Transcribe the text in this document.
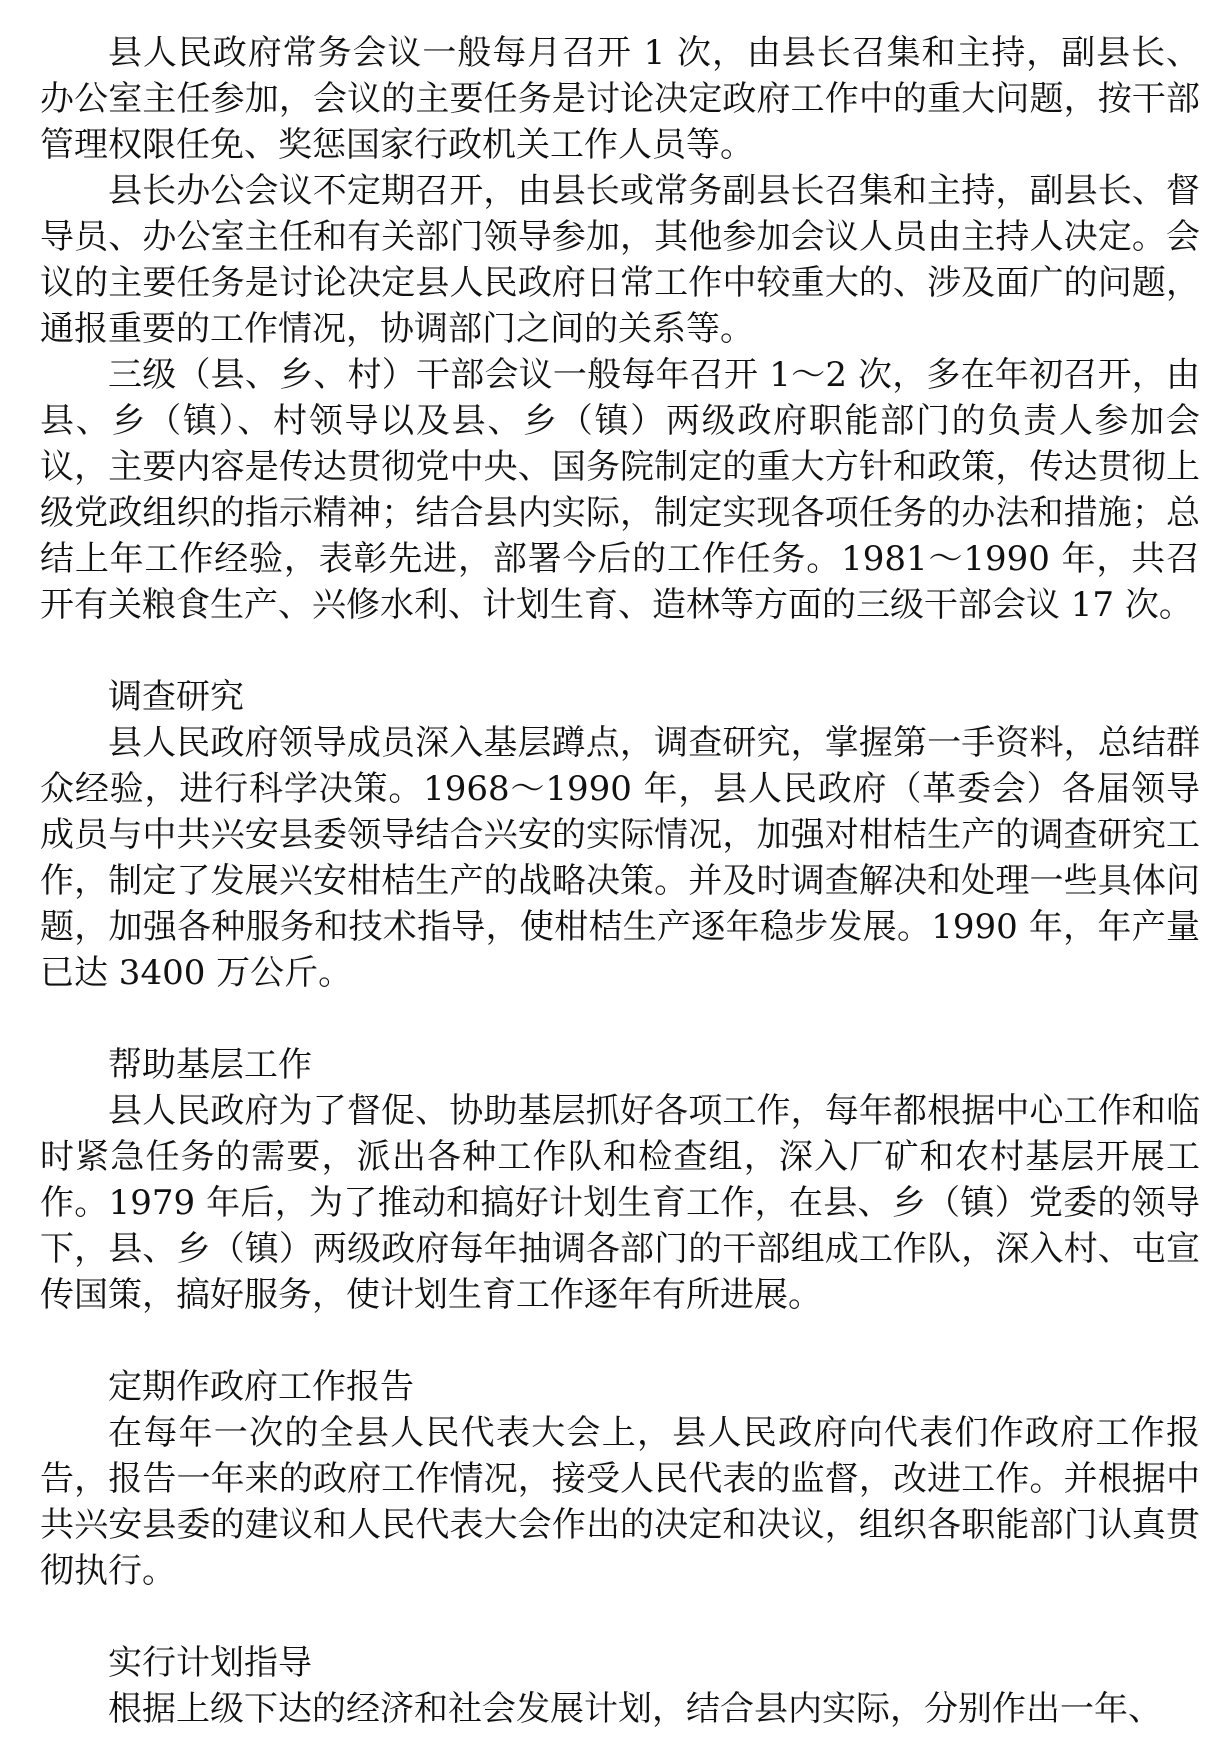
县人民政府常务会议一般每月召开 1 次，由县长召集和主持，副县长、办公室主任参加，会议的主要任务是讨论决定政府工作中的重大问题，按干部管理权限任免、奖惩国家行政机关工作人员等。

县长办公会议不定期召开，由县长或常务副县长召集和主持，副县长、督导员、办公室主任和有关部门领导参加，其他参加会议人员由主持人决定。会议的主要任务是讨论决定县人民政府日常工作中较重大的、涉及面广的问题，通报重要的工作情况，协调部门之间的关系等。

三级（县、乡、村）干部会议一般每年召开 1～2 次，多在年初召开，由县、乡（镇）、村领导以及县、乡（镇）两级政府职能部门的负责人参加会议，主要内容是传达贯彻党中央、国务院制定的重大方针和政策，传达贯彻上级党政组织的指示精神；结合县内实际，制定实现各项任务的办法和措施；总结上年工作经验，表彰先进，部署今后的工作任务。1981～1990 年，共召开有关粮食生产、兴修水利、计划生育、造林等方面的三级干部会议 17 次。

调查研究

县人民政府领导成员深入基层蹲点，调查研究，掌握第一手资料，总结群众经验，进行科学决策。1968～1990 年，县人民政府（革委会）各届领导成员与中共兴安县委领导结合兴安的实际情况，加强对柑桔生产的调查研究工作，制定了发展兴安柑桔生产的战略决策。并及时调查解决和处理一些具体问题，加强各种服务和技术指导，使柑桔生产逐年稳步发展。1990 年，年产量已达 3400 万公斤。

帮助基层工作

县人民政府为了督促、协助基层抓好各项工作，每年都根据中心工作和临时紧急任务的需要，派出各种工作队和检查组，深入厂矿和农村基层开展工作。1979 年后，为了推动和搞好计划生育工作，在县、乡（镇）党委的领导下，县、乡（镇）两级政府每年抽调各部门的干部组成工作队，深入村、屯宣传国策，搞好服务，使计划生育工作逐年有所进展。

定期作政府工作报告

在每年一次的全县人民代表大会上，县人民政府向代表们作政府工作报告，报告一年来的政府工作情况，接受人民代表的监督，改进工作。并根据中共兴安县委的建议和人民代表大会作出的决定和决议，组织各职能部门认真贯彻执行。

实行计划指导

根据上级下达的经济和社会发展计划，结合县内实际，分别作出一年、
